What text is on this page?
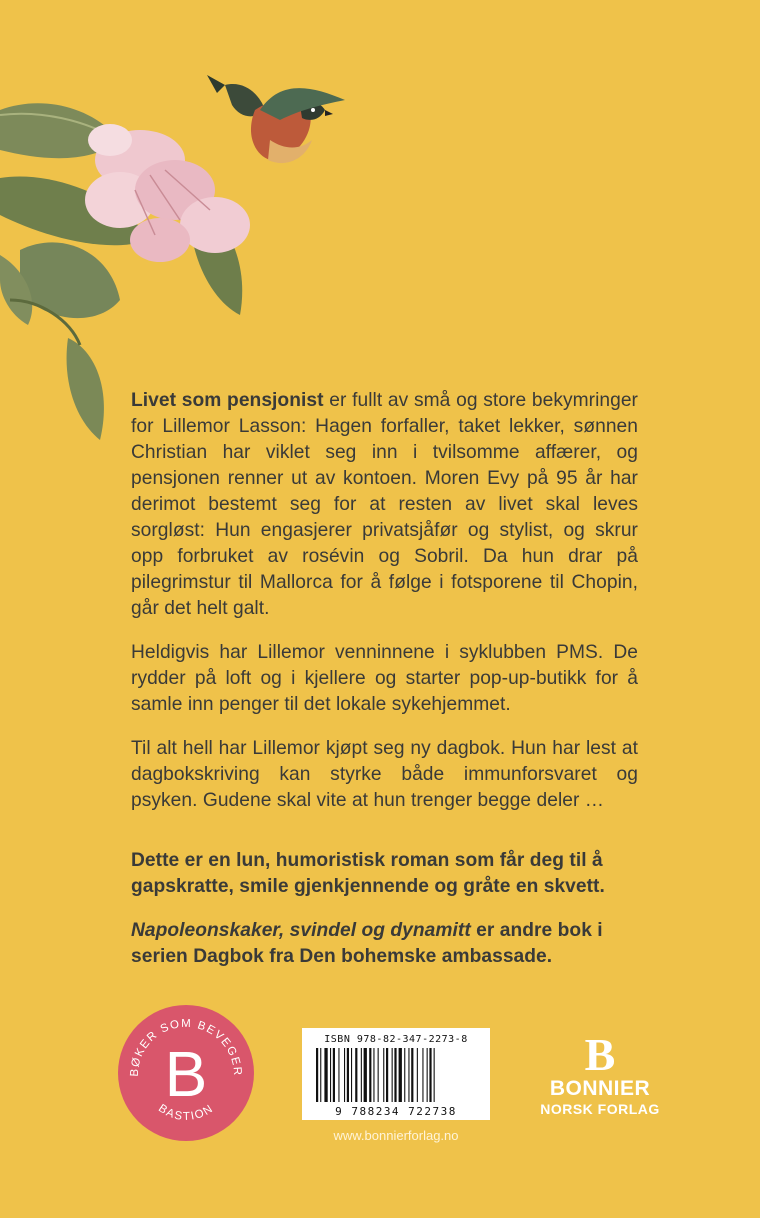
Livet som pensjonist er fullt av små og store bekymringer for Lillemor Lasson: Hagen forfaller, taket lekker, sønnen Christian har viklet seg inn i tvilsomme affærer, og pensjonen renner ut av kontoen. Moren Evy på 95 år har derimot bestemt seg for at resten av livet skal leves sorgløst: Hun engasjerer privatsjåfør og stylist, og skrur opp forbruket av rosévin og Sobril. Da hun drar på pilegrimstur til Mallorca for å følge i fotsporene til Chopin, går det helt galt.

Heldigvis har Lillemor venninnene i syklubben PMS. De rydder på loft og i kjellere og starter pop-up-butikk for å samle inn penger til det lokale sykehjemmet.

Til alt hell har Lillemor kjøpt seg ny dagbok. Hun har lest at dagbokskriving kan styrke både immunforsvaret og psyken. Gudene skal vite at hun trenger begge deler …

Dette er en lun, humoristisk roman som får deg til å gapskratte, smile gjenkjennende og gråte en skvett.

Napoleonskaker, svindel og dynamitt er andre bok i serien Dagbok fra Den bohemske ambassade.

BØKER SOM BEVEGER
BASTION
B	ISBN 978-82-347-2273-8
9 788234 722738
www.bonnierforlag.no
B
BONNIER
NORSK FORLAG
